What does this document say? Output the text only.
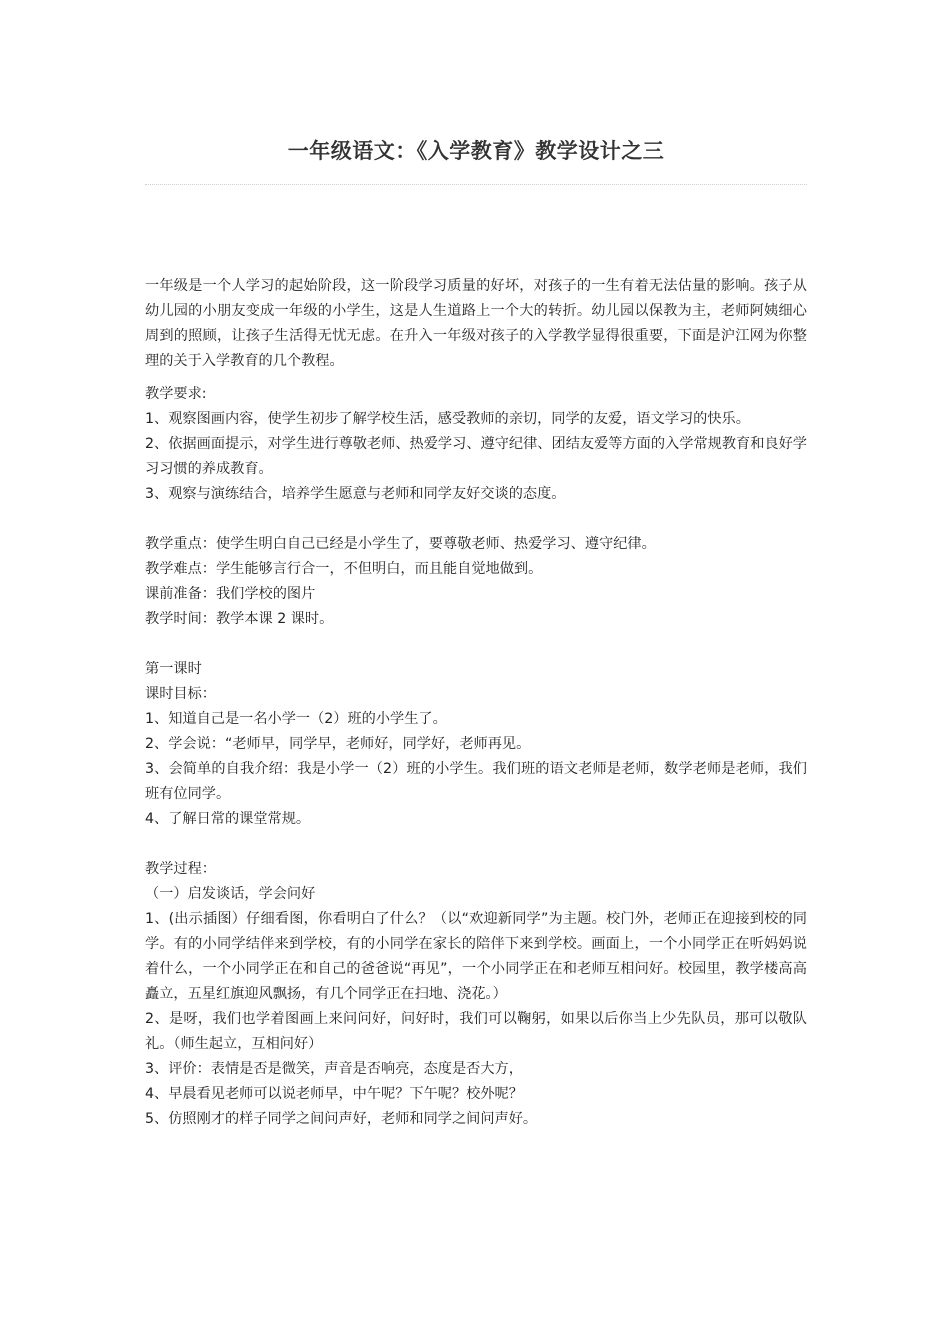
一年级语文：《入学教育》教学设计之三

一年级是一个人学习的起始阶段，这一阶段学习质量的好坏，对孩子的一生有着无法估量的影响。孩子从幼儿园的小朋友变成一年级的小学生，这是人生道路上一个大的转折。幼儿园以保教为主，老师阿姨细心周到的照顾，让孩子生活得无忧无虑。在升入一年级对孩子的入学教学显得很重要，下面是沪江网为你整理的关于入学教育的几个教程。

教学要求:

1、观察图画内容，使学生初步了解学校生活，感受教师的亲切，同学的友爱，语文学习的快乐。

2、依据画面提示，对学生进行尊敬老师、热爱学习、遵守纪律、团结友爱等方面的入学常规教育和良好学习习惯的养成教育。

3、观察与演练结合，培养学生愿意与老师和同学友好交谈的态度。

教学重点：使学生明白自己已经是小学生了，要尊敬老师、热爱学习、遵守纪律。

教学难点：学生能够言行合一，不但明白，而且能自觉地做到。

课前准备：我们学校的图片

教学时间：教学本课 2 课时。

第一课时

课时目标：

1、知道自己是一名小学一（2）班的小学生了。

2、学会说：“老师早，同学早，老师好，同学好，老师再见。

3、会简单的自我介绍：我是小学一（2）班的小学生。我们班的语文老师是老师，数学老师是老师，我们班有位同学。

4、了解日常的课堂常规。

教学过程：

（一）启发谈话，学会问好

1、(出示插图）仔细看图，你看明白了什么？（以“欢迎新同学”为主题。校门外，老师正在迎接到校的同学。有的小同学结伴来到学校，有的小同学在家长的陪伴下来到学校。画面上，一个小同学正在听妈妈说着什么，一个小同学正在和自己的爸爸说“再见”，一个小同学正在和老师互相问好。校园里，教学楼高高矗立，五星红旗迎风飘扬，有几个同学正在扫地、浇花。）

2、是呀，我们也学着图画上来问问好，问好时，我们可以鞠躬，如果以后你当上少先队员，那可以敬队礼。（师生起立，互相问好）

3、评价：表情是否是微笑，声音是否响亮，态度是否大方，

4、早晨看见老师可以说老师早，中午呢？下午呢？校外呢？

5、仿照刚才的样子同学之间问声好，老师和同学之间问声好。
